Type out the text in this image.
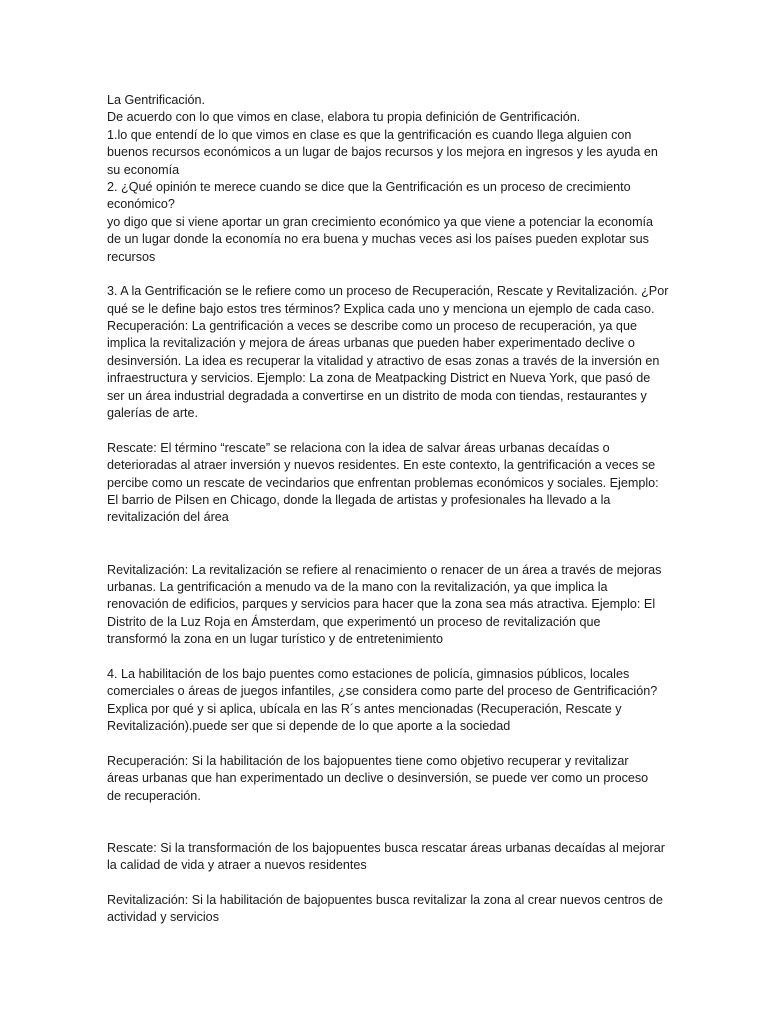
La Gentrificación.
De acuerdo con lo que vimos en clase, elabora tu propia definición de Gentrificación.
1.lo que entendí de lo que vimos en clase es que la gentrificación es cuando llega alguien con
buenos recursos económicos a un lugar de bajos recursos y los mejora en ingresos y les ayuda en
su economía
2. ¿Qué opinión te merece cuando se dice que la Gentrificación es un proceso de crecimiento
económico?
yo digo que si viene aportar un gran crecimiento económico ya que viene a potenciar la economía
de un lugar donde la economía no era buena y muchas veces asi los países pueden explotar sus
recursos
3. A la Gentrificación se le refiere como un proceso de Recuperación, Rescate y Revitalización. ¿Por
qué se le define bajo estos tres términos? Explica cada uno y menciona un ejemplo de cada caso.
Recuperación: La gentrificación a veces se describe como un proceso de recuperación, ya que
implica la revitalización y mejora de áreas urbanas que pueden haber experimentado declive o
desinversión. La idea es recuperar la vitalidad y atractivo de esas zonas a través de la inversión en
infraestructura y servicios. Ejemplo: La zona de Meatpacking District en Nueva York, que pasó de
ser un área industrial degradada a convertirse en un distrito de moda con tiendas, restaurantes y
galerías de arte.
Rescate: El término “rescate” se relaciona con la idea de salvar áreas urbanas decaídas o
deterioradas al atraer inversión y nuevos residentes. En este contexto, la gentrificación a veces se
percibe como un rescate de vecindarios que enfrentan problemas económicos y sociales. Ejemplo:
El barrio de Pilsen en Chicago, donde la llegada de artistas y profesionales ha llevado a la
revitalización del área
Revitalización: La revitalización se refiere al renacimiento o renacer de un área a través de mejoras
urbanas. La gentrificación a menudo va de la mano con la revitalización, ya que implica la
renovación de edificios, parques y servicios para hacer que la zona sea más atractiva. Ejemplo: El
Distrito de la Luz Roja en Ámsterdam, que experimentó un proceso de revitalización que
transformó la zona en un lugar turístico y de entretenimiento
4. La habilitación de los bajo puentes como estaciones de policía, gimnasios públicos, locales
comerciales o áreas de juegos infantiles, ¿se considera como parte del proceso de Gentrificación?
Explica por qué y si aplica, ubícala en las R´s antes mencionadas (Recuperación, Rescate y
Revitalización).puede ser que si depende de lo que aporte a la sociedad
Recuperación: Si la habilitación de los bajopuentes tiene como objetivo recuperar y revitalizar
áreas urbanas que han experimentado un declive o desinversión, se puede ver como un proceso
de recuperación.
Rescate: Si la transformación de los bajopuentes busca rescatar áreas urbanas decaídas al mejorar
la calidad de vida y atraer a nuevos residentes
Revitalización: Si la habilitación de bajopuentes busca revitalizar la zona al crear nuevos centros de
actividad y servicios
